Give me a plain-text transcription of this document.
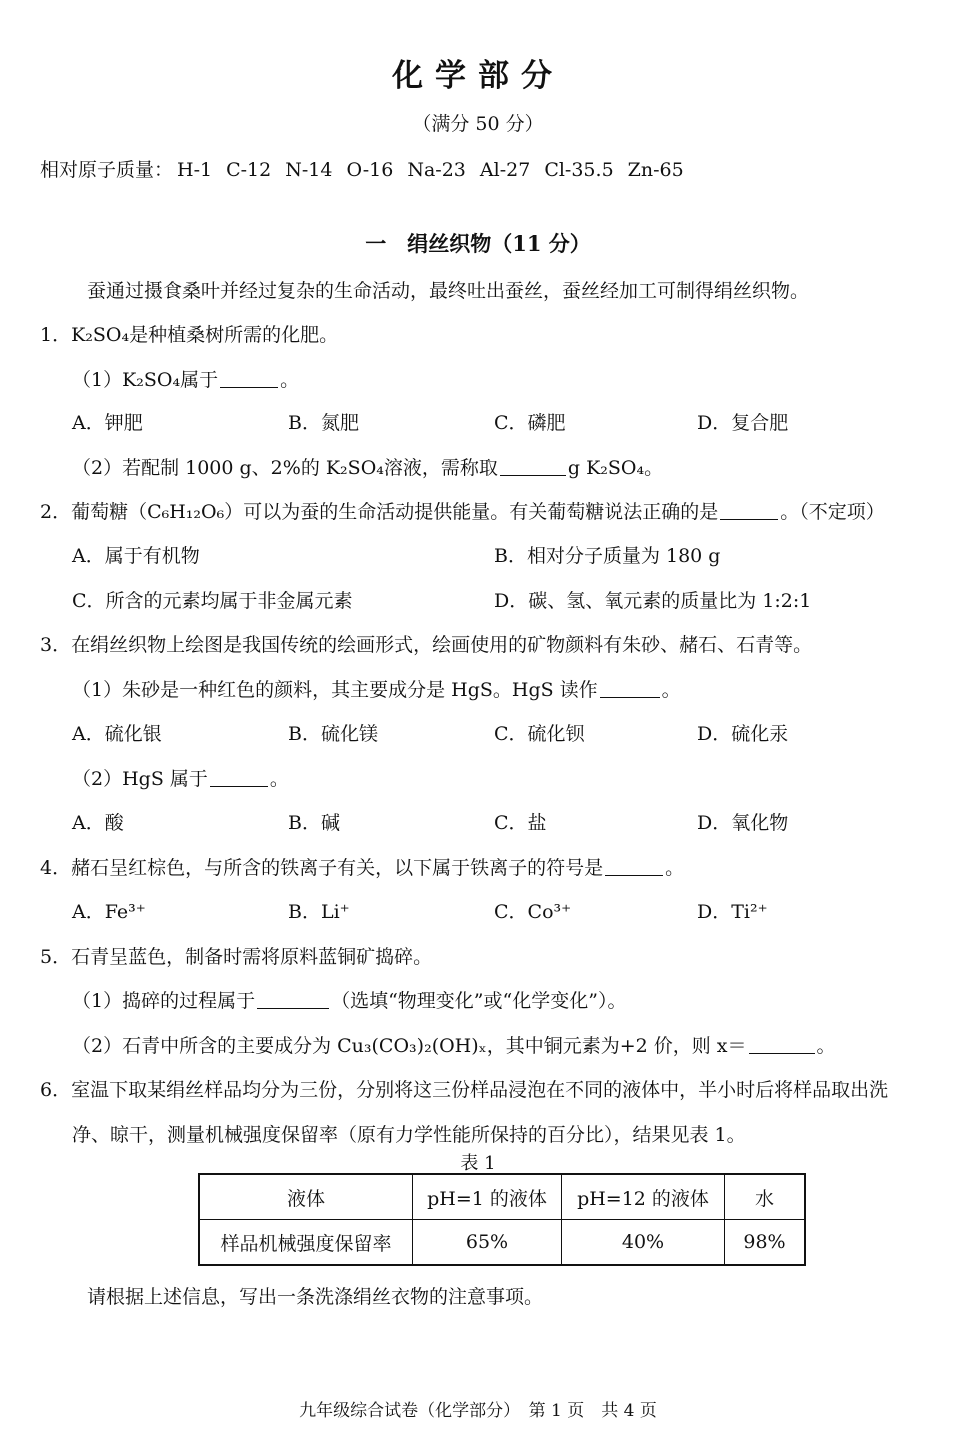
化学部分
（满分 50 分）
相对原子质量： H-1 C-12 N-14 O-16 Na-23 Al-27 Cl-35.5 Zn-65
一　绢丝织物（11 分）
蚕通过摄食桑叶并经过复杂的生命活动，最终吐出蚕丝，蚕丝经加工可制得绢丝织物。
1．K₂SO₄是种植桑树所需的化肥。
（1）K₂SO₄属于	。
A．钾肥	B．氮肥	C．磷肥	D．复合肥
（2）若配制 1000 g、2%的 K₂SO₄溶液，需称取	g K₂SO₄。
2．葡萄糖（C₆H₁₂O₆）可以为蚕的生命活动提供能量。有关葡萄糖说法正确的是	。（不定项）
A．属于有机物	B．相对分子质量为 180 g
C．所含的元素均属于非金属元素	D．碳、氢、氧元素的质量比为 1:2:1
3．在绢丝织物上绘图是我国传统的绘画形式，绘画使用的矿物颜料有朱砂、赭石、石青等。
（1）朱砂是一种红色的颜料，其主要成分是 HgS。HgS 读作	。
A．硫化银	B．硫化镁	C．硫化钡	D．硫化汞
（2）HgS 属于	。
A．酸	B．碱	C．盐	D．氧化物
4．赭石呈红棕色，与所含的铁离子有关，以下属于铁离子的符号是	。
A．Fe³⁺	B．Li⁺	C．Co³⁺	D．Ti²⁺
5．石青呈蓝色，制备时需将原料蓝铜矿捣碎。
（1）捣碎的过程属于	（选填“物理变化”或“化学变化”）。
（2）石青中所含的主要成分为 Cu₃(CO₃)₂(OH)ₓ，其中铜元素为+2 价，则 x＝	。
6．室温下取某绢丝样品均分为三份，分别将这三份样品浸泡在不同的液体中，半小时后将样品取出洗
净、晾干，测量机械强度保留率（原有力学性能所保持的百分比），结果见表 1。
表 1
液体	pH=1 的液体	pH=12 的液体	水
样品机械强度保留率	65%	40%	98%
请根据上述信息，写出一条洗涤绢丝衣物的注意事项。
九年级综合试卷（化学部分）　第 1 页　共 4 页
